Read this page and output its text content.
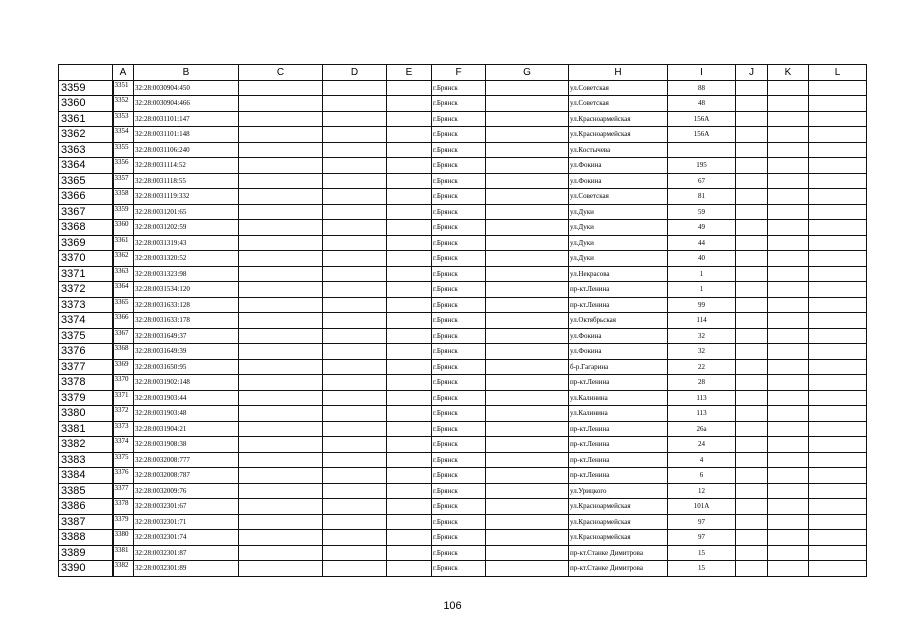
	A	B	C	D	E	F	G	H	I	J	K	L
3359	3351	32:28:0030904:450				г.Брянск		ул.Советская	88			
3360	3352	32:28:0030904:466				г.Брянск		ул.Советская	48			
3361	3353	32:28:0031101:147				г.Брянск		ул.Красноармейская	156А			
3362	3354	32:28:0031101:148				г.Брянск		ул.Красноармейская	156А			
3363	3355	32:28:0031106:240				г.Брянск		ул.Костычева				
3364	3356	32:28:0031114:52				г.Брянск		ул.Фокина	195			
3365	3357	32:28:0031118:55				г.Брянск		ул.Фокина	67			
3366	3358	32:28:0031119:332				г.Брянск		ул.Советская	81			
3367	3359	32:28:0031201:65				г.Брянск		ул.Дуки	59			
3368	3360	32:28:0031202:59				г.Брянск		ул.Дуки	49			
3369	3361	32:28:0031319:43				г.Брянск		ул.Дуки	44			
3370	3362	32:28:0031320:52				г.Брянск		ул.Дуки	40			
3371	3363	32:28:0031323:98				г.Брянск		ул.Некрасова	1			
3372	3364	32:28:0031534:120				г.Брянск		пр-кт.Ленина	1			
3373	3365	32:28:0031633:128				г.Брянск		пр-кт.Ленина	99			
3374	3366	32:28:0031633:178				г.Брянск		ул.Октябрьская	114			
3375	3367	32:28:0031649:37				г.Брянск		ул.Фокина	32			
3376	3368	32:28:0031649:39				г.Брянск		ул.Фокина	32			
3377	3369	32:28:0031650:95				г.Брянск		б-р.Гагарина	22			
3378	3370	32:28:0031902:148				г.Брянск		пр-кт.Ленина	28			
3379	3371	32:28:0031903:44				г.Брянск		ул.Калинина	113			
3380	3372	32:28:0031903:48				г.Брянск		ул.Калинина	113			
3381	3373	32:28:0031904:21				г.Брянск		пр-кт.Ленина	26а			
3382	3374	32:28:0031908:38				г.Брянск		пр-кт.Ленина	24			
3383	3375	32:28:0032008:777				г.Брянск		пр-кт.Ленина	4			
3384	3376	32:28:0032008:787				г.Брянск		пр-кт.Ленина	6			
3385	3377	32:28:0032009:76				г.Брянск		ул.Урицкого	12			
3386	3378	32:28:0032301:67				г.Брянск		ул.Красноармейская	101А			
3387	3379	32:28:0032301:71				г.Брянск		ул.Красноармейская	97			
3388	3380	32:28:0032301:74				г.Брянск		ул.Красноармейская	97			
3389	3381	32:28:0032301:87				г.Брянск		пр-кт.Станке Димитрова	15			
3390	3382	32:28:0032301:89				г.Брянск		пр-кт.Станке Димитрова	15			
106
